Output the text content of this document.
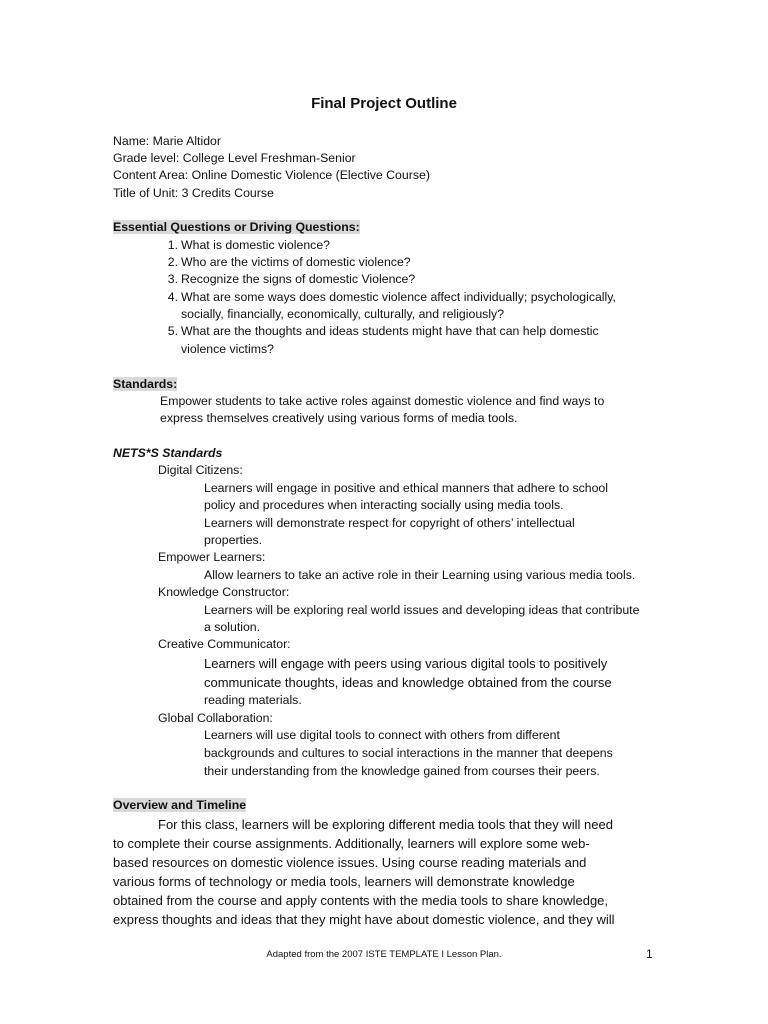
Final Project Outline
Name: Marie Altidor
Grade level: College Level Freshman-Senior
Content Area: Online Domestic Violence (Elective Course)
Title of Unit: 3 Credits Course
Essential Questions or Driving Questions:
1. What is domestic violence?
2. Who are the victims of domestic violence?
3. Recognize the signs of domestic Violence?
4. What are some ways does domestic violence affect individually; psychologically,
socially, financially, economically, culturally, and religiously?
5. What are the thoughts and ideas students might have that can help domestic
violence victims?
Standards:
Empower students to take active roles against domestic violence and find ways to
express themselves creatively using various forms of media tools.
NETS*S Standards
Digital Citizens:
Learners will engage in positive and ethical manners that adhere to school
policy and procedures when interacting socially using media tools.
Learners will demonstrate respect for copyright of others’ intellectual
properties.
Empower Learners:
Allow learners to take an active role in their Learning using various media tools.
Knowledge Constructor:
Learners will be exploring real world issues and developing ideas that contribute
a solution.
Creative Communicator:
Learners will engage with peers using various digital tools to positively
communicate thoughts, ideas and knowledge obtained from the course
reading materials.
Global Collaboration:
Learners will use digital tools to connect with others from different
backgrounds and cultures to social interactions in the manner that deepens
their understanding from the knowledge gained from courses their peers.
Overview and Timeline
For this class, learners will be exploring different media tools that they will need
to complete their course assignments. Additionally, learners will explore some web-
based resources on domestic violence issues. Using course reading materials and
various forms of technology or media tools, learners will demonstrate knowledge
obtained from the course and apply contents with the media tools to share knowledge,
express thoughts and ideas that they might have about domestic violence, and they will
Adapted from the 2007 ISTE TEMPLATE I Lesson Plan.	1
